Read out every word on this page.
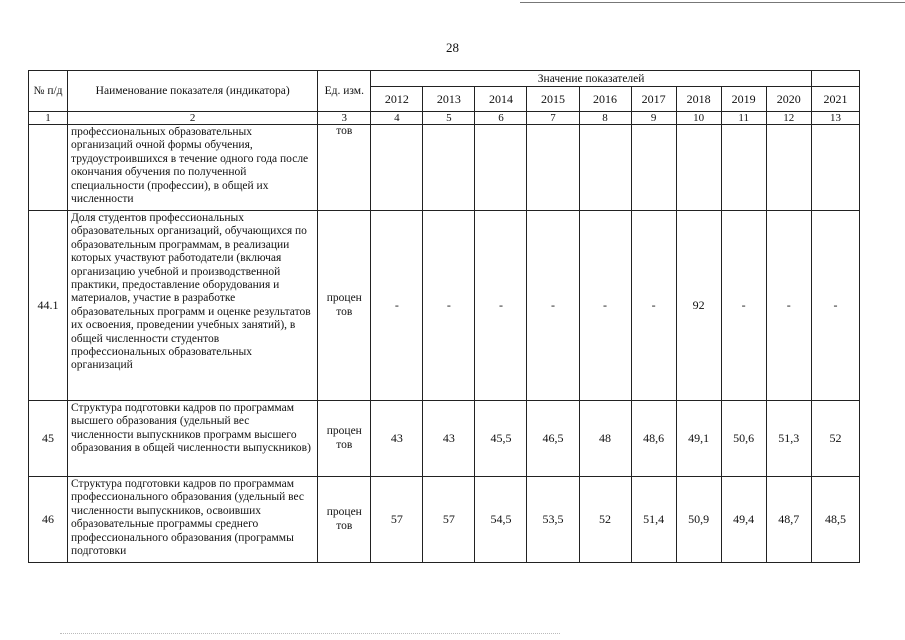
28
№ п/д	Наименование показателя (индикатора)	Ед. изм.	Значение показателей									
			2012	2013	2014	2015	2016	2017	2018	2019	2020	2021
1	2	3	4	5	6	7	8	9	10	11	12	13
	профессиональных образовательных организаций очной формы обучения, трудоустроившихся в течение одного года после окончания обучения по полученной специальности (профессии), в общей их численности	тов										
44.1	Доля студентов профессиональных образовательных организаций, обучающихся по образовательным программам, в реализации которых участвуют работодатели (включая организацию учебной и производственной практики, предоставление оборудования и материалов, участие в разработке образовательных программ и оценке результатов их освоения, проведении учебных занятий), в общей численности студентов профессиональных образовательных организаций	процен тов	-	-	-	-	-	-	92	-	-	-
45	Структура подготовки кадров по программам высшего образования (удельный вес численности выпускников программ высшего образования в общей численности выпускников)	процен тов	43	43	45,5	46,5	48	48,6	49,1	50,6	51,3	52
46	Структура подготовки кадров по программам профессионального образования (удельный вес численности выпускников, освоивших образовательные программы среднего профессионального образования (программы подготовки	процен тов	57	57	54,5	53,5	52	51,4	50,9	49,4	48,7	48,5
